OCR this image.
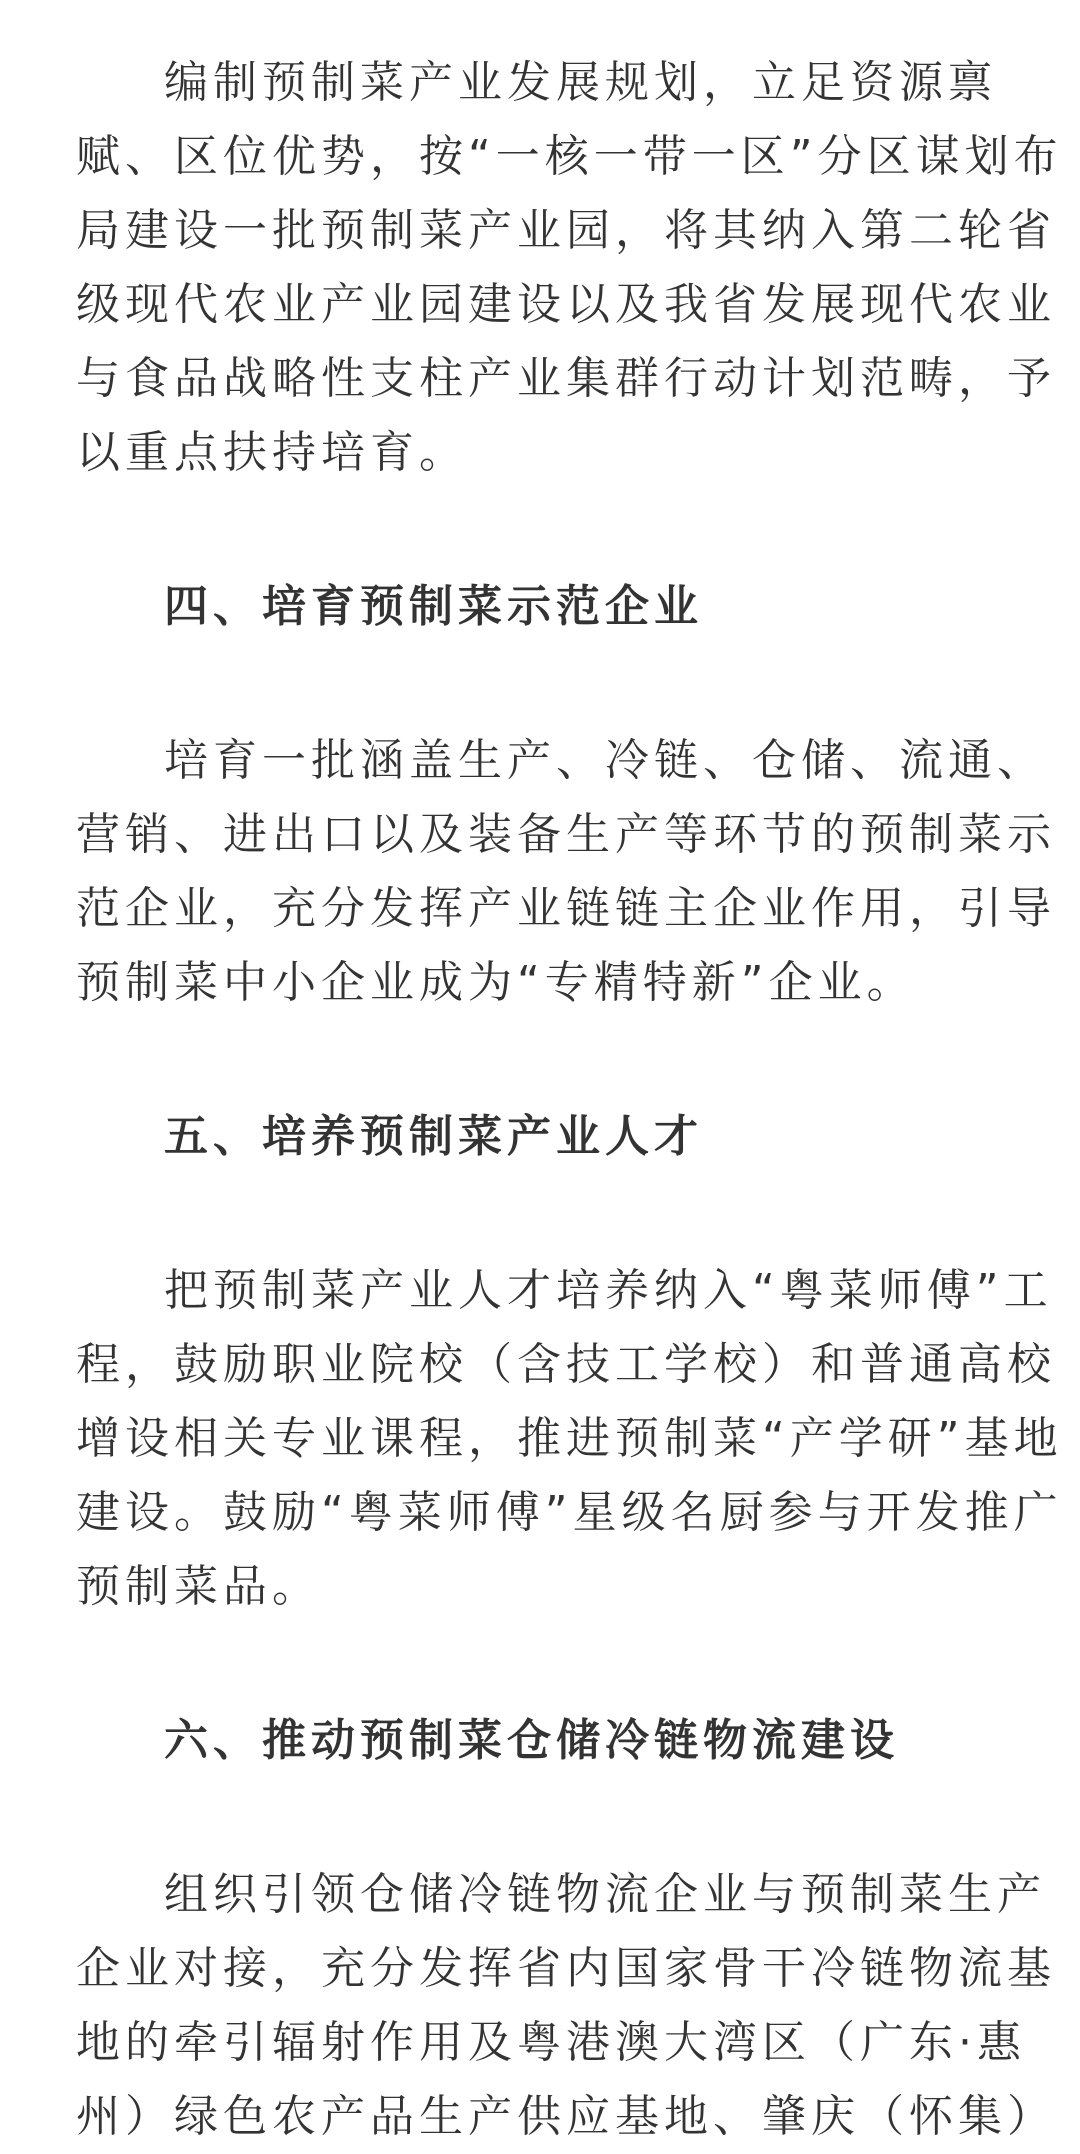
编制预制菜产业发展规划，立足资源禀
赋、区位优势，按“一核一带一区”分区谋划布
局建设一批预制菜产业园，将其纳入第二轮省
级现代农业产业园建设以及我省发展现代农业
与食品战略性支柱产业集群行动计划范畴，予
以重点扶持培育。

四、培育预制菜示范企业

培育一批涵盖生产、冷链、仓储、流通、
营销、进出口以及装备生产等环节的预制菜示
范企业，充分发挥产业链链主企业作用，引导
预制菜中小企业成为“专精特新”企业。

五、培养预制菜产业人才

把预制菜产业人才培养纳入“粤菜师傅”工
程，鼓励职业院校（含技工学校）和普通高校
增设相关专业课程，推进预制菜“产学研”基地
建设。鼓励“粤菜师傅”星级名厨参与开发推广
预制菜品。

六、推动预制菜仓储冷链物流建设

组织引领仓储冷链物流企业与预制菜生产
企业对接，充分发挥省内国家骨干冷链物流基
地的牵引辐射作用及粤港澳大湾区（广东·惠
州）绿色农产品生产供应基地、肇庆（怀集）
